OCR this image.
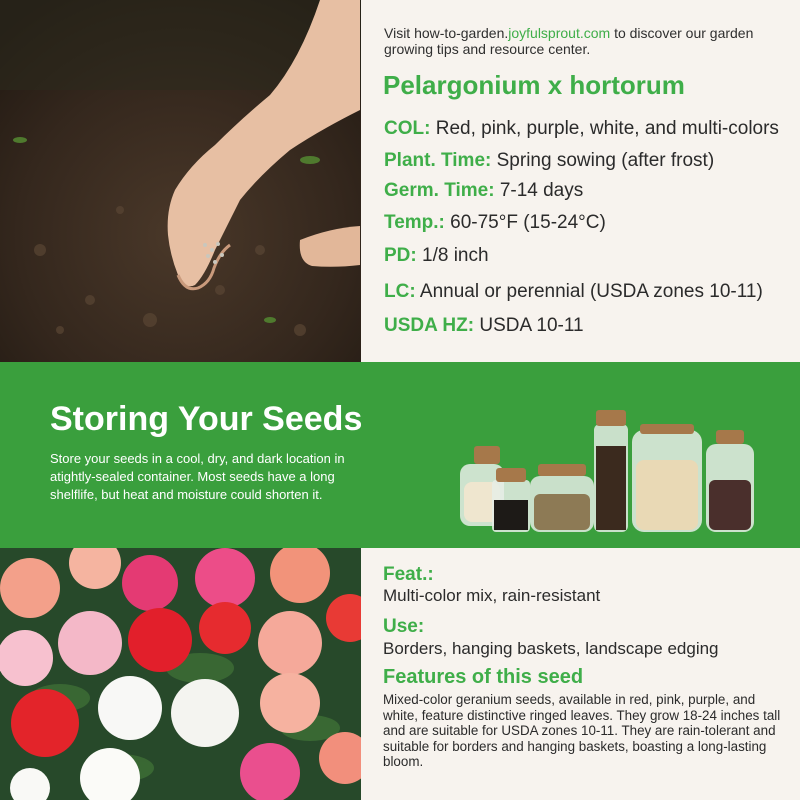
Visit how-to-garden.joyfulsprout.com to discover our garden growing tips and resource center.
Pelargonium x hortorum
COL: Red, pink, purple, white, and multi-colors
Plant. Time: Spring sowing (after frost)
Germ. Time: 7-14 days
Temp.: 60-75°F (15-24°C)
PD: 1/8 inch
LC: Annual or perennial (USDA zones 10-11)
USDA HZ: USDA 10-11
Storing Your Seeds
Store your seeds in a cool, dry, and dark location in atightly-sealed container. Most seeds have a long shelflife, but heat and moisture could shorten it.
Feat.:
Multi-color mix, rain-resistant
Use:
Borders, hanging baskets, landscape edging
Features of this seed
Mixed-color geranium seeds, available in red, pink, purple, and white, feature distinctive ringed leaves. They grow 18-24 inches tall and are suitable for USDA zones 10-11. They are rain-tolerant and suitable for borders and hanging baskets, boasting a long-lasting bloom.
